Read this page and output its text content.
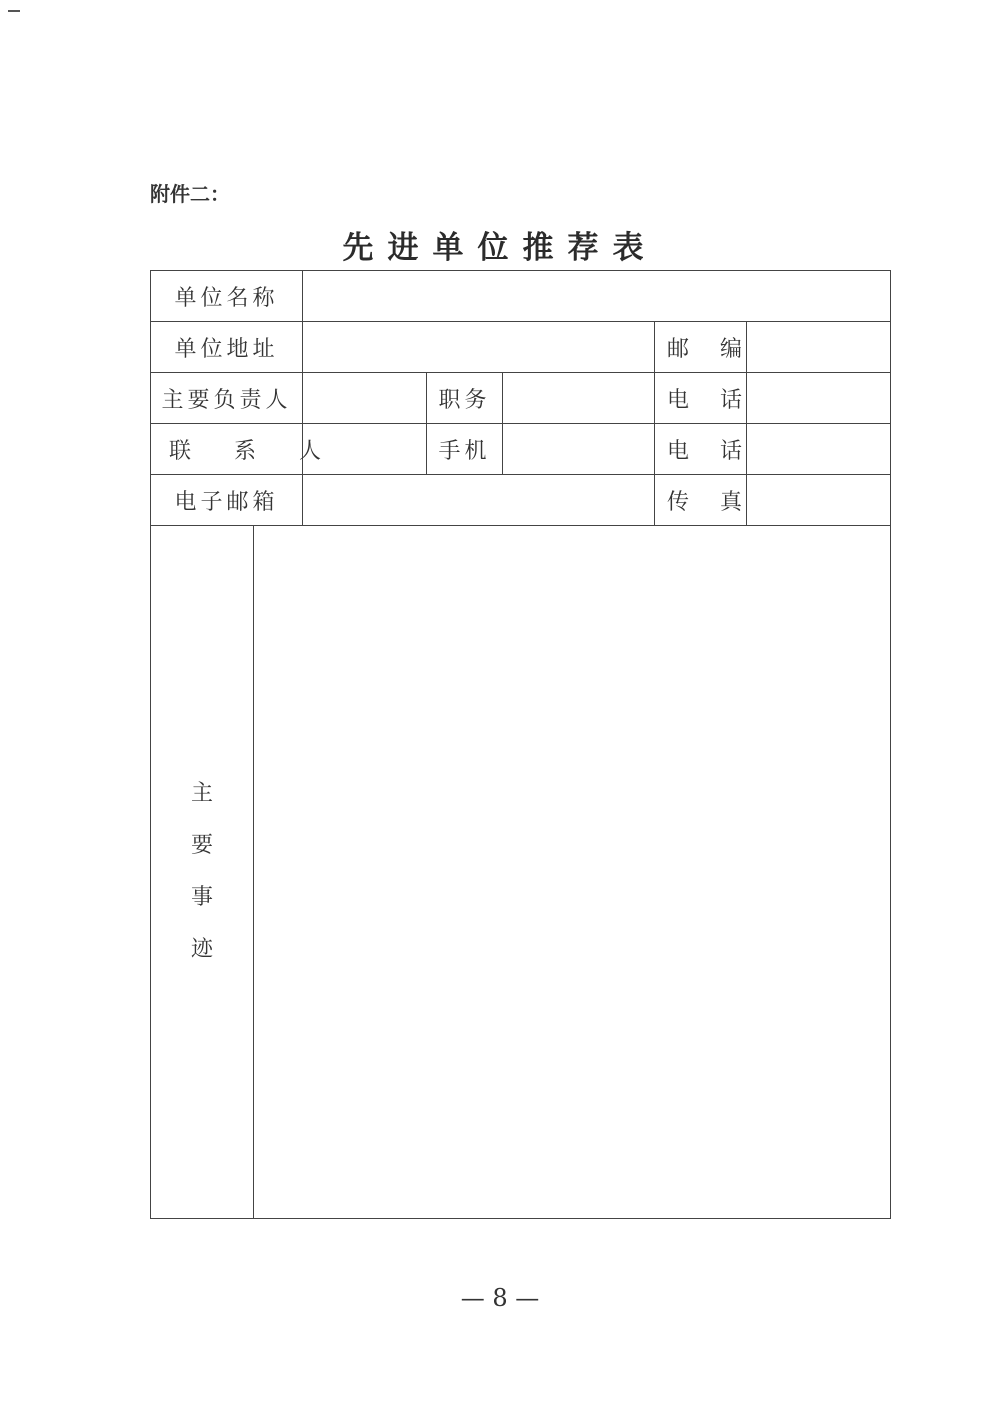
附件二：
先进单位推荐表
单位名称						
单位地址					邮 编	
主要负责人			职务		电 话	
联 系 人			手机		电 话	
电子邮箱					传 真	
主要事迹						
— 8 —
